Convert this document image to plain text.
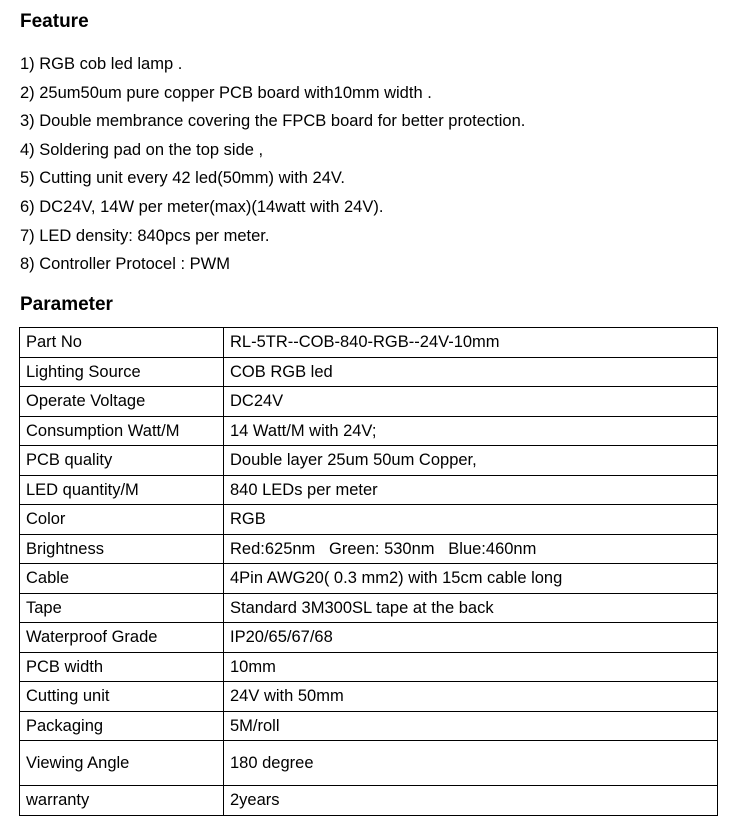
Feature
1) RGB cob led lamp .
2) 25um50um pure copper PCB board with10mm width .
3) Double membrance covering the FPCB board for better protection.
4) Soldering pad on the top side ,
5) Cutting unit every 42 led(50mm) with 24V.
6) DC24V, 14W per meter(max)(14watt with 24V).
7) LED density: 840pcs per meter.
8) Controller Protocel : PWM
Parameter
Part No	RL-5TR--COB-840-RGB--24V-10mm
Lighting Source	COB RGB led
Operate Voltage	DC24V
Consumption Watt/M	14 Watt/M with 24V;
PCB quality	Double layer 25um 50um Copper,
LED quantity/M	840 LEDs per meter
Color	RGB
Brightness	Red:625nm   Green: 530nm   Blue:460nm
Cable	4Pin AWG20( 0.3 mm2) with 15cm cable long
Tape	Standard 3M300SL tape at the back
Waterproof Grade	IP20/65/67/68
PCB width	10mm
Cutting unit	24V with 50mm
Packaging	5M/roll
Viewing Angle	180 degree
warranty	2years
